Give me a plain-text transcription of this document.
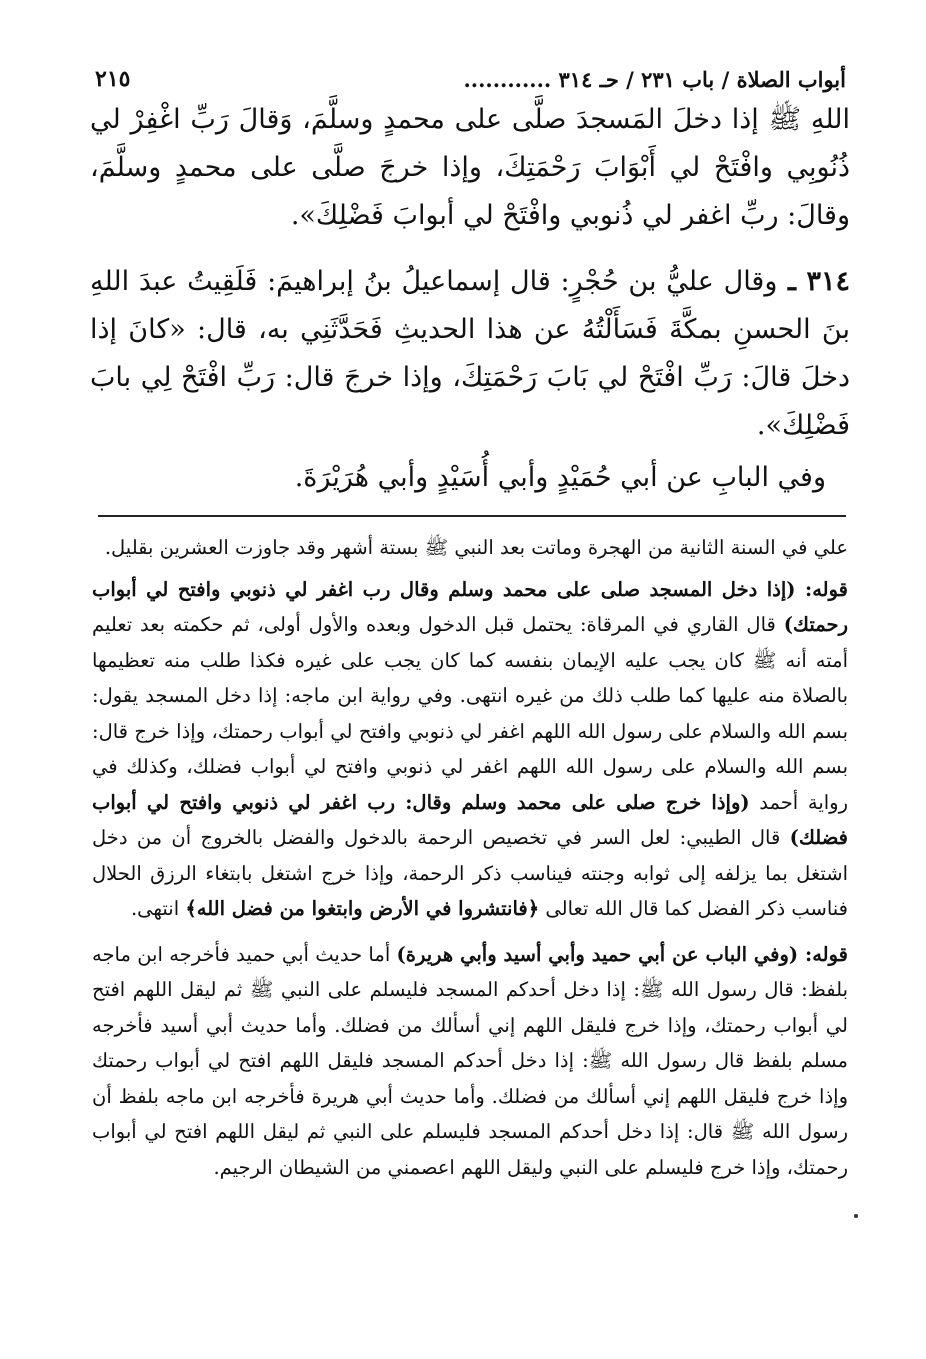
أبواب الصلاة / باب ٢٣١ / حـ ٣١٤ ............
٢١٥

اللهِ ﷺ إذا دخلَ المَسجدَ صلَّى على محمدٍ وسلَّمَ، وَقالَ رَبِّ اغْفِرْ لي ذُنُوبِي وافْتَحْ لي أَبْوَابَ رَحْمَتِكَ، وإذا خرجَ صلَّى على محمدٍ وسلَّمَ، وقالَ: ربِّ اغفر لي ذُنوبي وافْتَحْ لي أبوابَ فَضْلِكَ».

٣١٤ ـ وقال عليُّ بن حُجْرٍ: قال إسماعيلُ بنُ إبراهيمَ: فَلَقِيتُ عبدَ اللهِ بنَ الحسنِ بمكَّةَ فَسَأَلْتُهُ عن هذا الحديثِ فَحَدَّثَنِي به، قال: «كانَ إذا دخلَ قالَ: رَبِّ افْتَحْ لي بَابَ رَحْمَتِكَ، وإذا خرجَ قال: رَبِّ افْتَحْ لِي بابَ فَضْلِكَ».

وفي البابِ عن أبي حُمَيْدٍ وأبي أُسَيْدٍ وأبي هُرَيْرَةَ.

علي في السنة الثانية من الهجرة وماتت بعد النبي ﷺ بستة أشهر وقد جاوزت العشرين بقليل.

قوله: (إذا دخل المسجد صلى على محمد وسلم وقال رب اغفر لي ذنوبي وافتح لي أبواب رحمتك) قال القاري في المرقاة: يحتمل قبل الدخول وبعده والأول أولى، ثم حكمته بعد تعليم أمته أنه ﷺ كان يجب عليه الإيمان بنفسه كما كان يجب على غيره فكذا طلب منه تعظيمها بالصلاة منه عليها كما طلب ذلك من غيره انتهى. وفي رواية ابن ماجه: إذا دخل المسجد يقول: بسم الله والسلام على رسول الله اللهم اغفر لي ذنوبي وافتح لي أبواب رحمتك، وإذا خرج قال: بسم الله والسلام على رسول الله اللهم اغفر لي ذنوبي وافتح لي أبواب فضلك، وكذلك في رواية أحمد (وإذا خرج صلى على محمد وسلم وقال: رب اغفر لي ذنوبي وافتح لي أبواب فضلك) قال الطيبي: لعل السر في تخصيص الرحمة بالدخول والفضل بالخروج أن من دخل اشتغل بما يزلفه إلى ثوابه وجنته فيناسب ذكر الرحمة، وإذا خرج اشتغل بابتغاء الرزق الحلال فناسب ذكر الفضل كما قال الله تعالى ﴿فانتشروا في الأرض وابتغوا من فضل الله﴾ انتهى.

قوله: (وفي الباب عن أبي حميد وأبي أسيد وأبي هريرة) أما حديث أبي حميد فأخرجه ابن ماجه بلفظ: قال رسول الله ﷺ: إذا دخل أحدكم المسجد فليسلم على النبي ﷺ ثم ليقل اللهم افتح لي أبواب رحمتك، وإذا خرج فليقل اللهم إني أسألك من فضلك. وأما حديث أبي أسيد فأخرجه مسلم بلفظ قال رسول الله ﷺ: إذا دخل أحدكم المسجد فليقل اللهم افتح لي أبواب رحمتك وإذا خرج فليقل اللهم إني أسألك من فضلك. وأما حديث أبي هريرة فأخرجه ابن ماجه بلفظ أن رسول الله ﷺ قال: إذا دخل أحدكم المسجد فليسلم على النبي ثم ليقل اللهم افتح لي أبواب رحمتك، وإذا خرج فليسلم على النبي وليقل اللهم اعصمني من الشيطان الرجيم.
